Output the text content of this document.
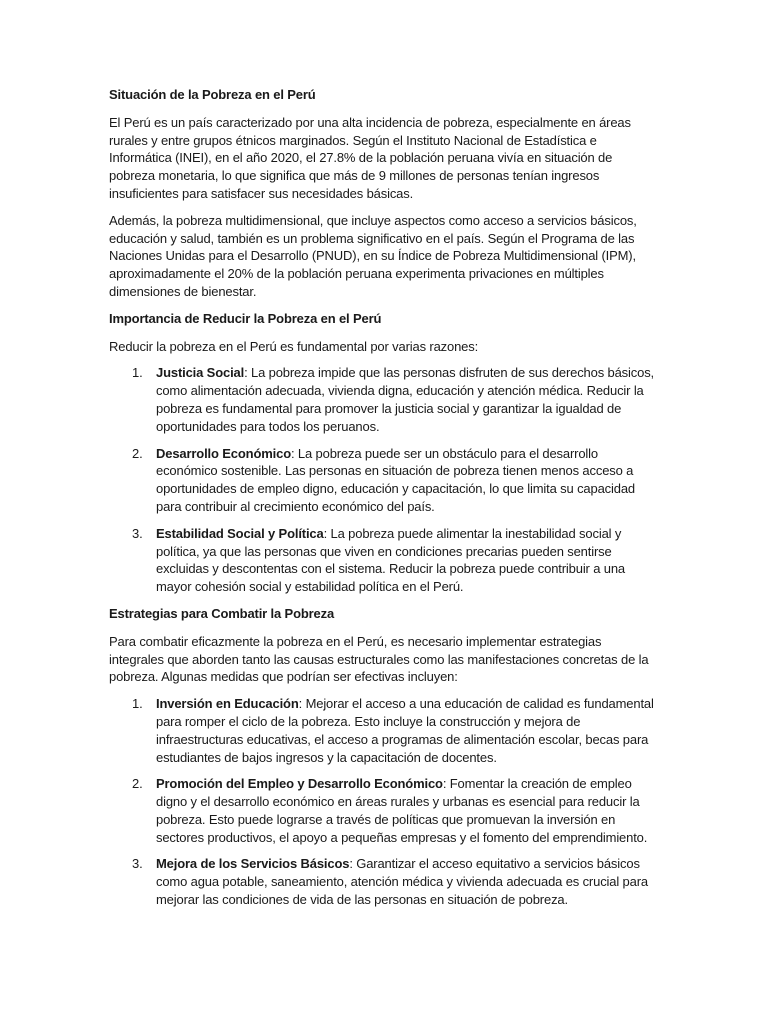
Situación de la Pobreza en el Perú

El Perú es un país caracterizado por una alta incidencia de pobreza, especialmente en áreas rurales y entre grupos étnicos marginados. Según el Instituto Nacional de Estadística e Informática (INEI), en el año 2020, el 27.8% de la población peruana vivía en situación de pobreza monetaria, lo que significa que más de 9 millones de personas tenían ingresos insuficientes para satisfacer sus necesidades básicas.

Además, la pobreza multidimensional, que incluye aspectos como acceso a servicios básicos, educación y salud, también es un problema significativo en el país. Según el Programa de las Naciones Unidas para el Desarrollo (PNUD), en su Índice de Pobreza Multidimensional (IPM), aproximadamente el 20% de la población peruana experimenta privaciones en múltiples dimensiones de bienestar.

Importancia de Reducir la Pobreza en el Perú

Reducir la pobreza en el Perú es fundamental por varias razones:

1. Justicia Social: La pobreza impide que las personas disfruten de sus derechos básicos, como alimentación adecuada, vivienda digna, educación y atención médica. Reducir la pobreza es fundamental para promover la justicia social y garantizar la igualdad de oportunidades para todos los peruanos.
2. Desarrollo Económico: La pobreza puede ser un obstáculo para el desarrollo económico sostenible. Las personas en situación de pobreza tienen menos acceso a oportunidades de empleo digno, educación y capacitación, lo que limita su capacidad para contribuir al crecimiento económico del país.
3. Estabilidad Social y Política: La pobreza puede alimentar la inestabilidad social y política, ya que las personas que viven en condiciones precarias pueden sentirse excluidas y descontentas con el sistema. Reducir la pobreza puede contribuir a una mayor cohesión social y estabilidad política en el Perú.
Estrategias para Combatir la Pobreza

Para combatir eficazmente la pobreza en el Perú, es necesario implementar estrategias integrales que aborden tanto las causas estructurales como las manifestaciones concretas de la pobreza. Algunas medidas que podrían ser efectivas incluyen:

1. Inversión en Educación: Mejorar el acceso a una educación de calidad es fundamental para romper el ciclo de la pobreza. Esto incluye la construcción y mejora de infraestructuras educativas, el acceso a programas de alimentación escolar, becas para estudiantes de bajos ingresos y la capacitación de docentes.
2. Promoción del Empleo y Desarrollo Económico: Fomentar la creación de empleo digno y el desarrollo económico en áreas rurales y urbanas es esencial para reducir la pobreza. Esto puede lograrse a través de políticas que promuevan la inversión en sectores productivos, el apoyo a pequeñas empresas y el fomento del emprendimiento.
3. Mejora de los Servicios Básicos: Garantizar el acceso equitativo a servicios básicos como agua potable, saneamiento, atención médica y vivienda adecuada es crucial para mejorar las condiciones de vida de las personas en situación de pobreza.
